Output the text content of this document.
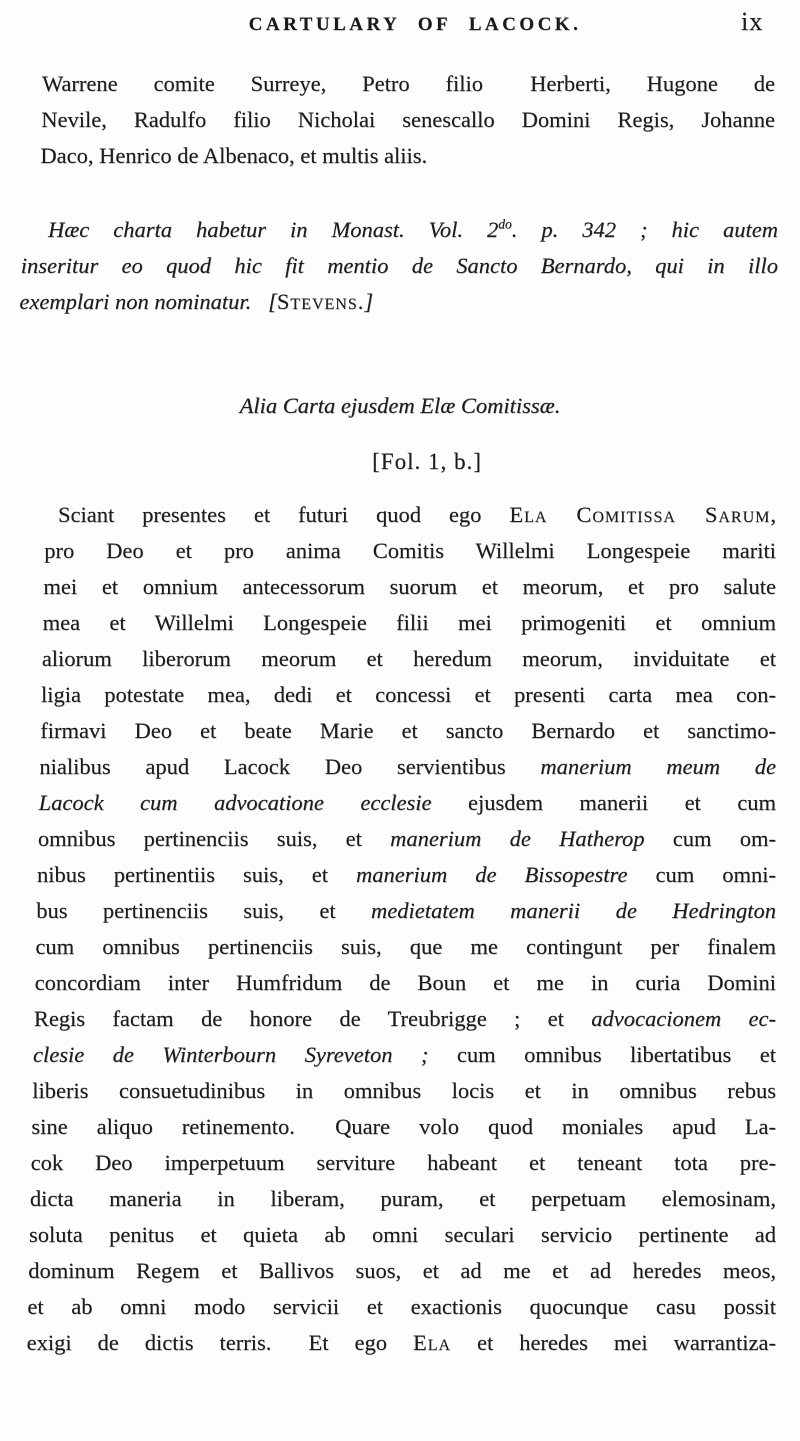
CARTULARY OF LACOCK.	ix
Warrene comite Surreye, Petro filio  Herberti, Hugone de
Nevile, Radulfo filio Nicholai senescallo Domini Regis, Johanne
Daco, Henrico de Albenaco, et multis aliis.
Hæc charta habetur in Monast. Vol. $2^{do}$. p. 342 ; hic autem
inseritur eo quod hic fit mentio de Sancto Bernardo, qui in illo
exemplari non nominatur.  [Stevens.]
Alia Carta ejusdem Elæ Comitissæ.
[Fol. 1, b.]
Sciant presentes et futuri quod ego Ela Comitissa Sarum,
pro Deo et pro anima Comitis Willelmi Longespeie mariti
mei et omnium antecessorum suorum et meorum, et pro salute
mea et Willelmi Longespeie filii mei primogeniti et omnium
aliorum liberorum meorum et heredum meorum, inviduitate et
ligia potestate mea, dedi et concessi et presenti carta mea con-
firmavi Deo et beate Marie et sancto Bernardo et sanctimo-
nialibus apud Lacock Deo servientibus manerium meum de
Lacock cum advocatione ecclesie ejusdem manerii et cum
omnibus pertinenciis suis, et manerium de Hatherop cum om-
nibus pertinentiis suis, et manerium de Bissopestre cum omni-
bus pertinenciis suis, et medietatem manerii de Hedrington
cum omnibus pertinenciis suis, que me contingunt per finalem
concordiam inter Humfridum de Boun et me in curia Domini
Regis factam de honore de Treubrigge ; et advocacionem ec-
clesie de Winterbourn Syreveton ; cum omnibus libertatibus et
liberis consuetudinibus in omnibus locis et in omnibus rebus
sine aliquo retinemento.  Quare volo quod moniales apud La-
cok Deo imperpetuum serviture habeant et teneant tota pre-
dicta maneria in liberam, puram, et perpetuam elemosinam,
soluta penitus et quieta ab omni seculari servicio pertinente ad
dominum Regem et Ballivos suos, et ad me et ad heredes meos,
et ab omni modo servicii et exactionis quocunque casu possit
exigi de dictis terris.  Et ego Ela et heredes mei warrantiza-
